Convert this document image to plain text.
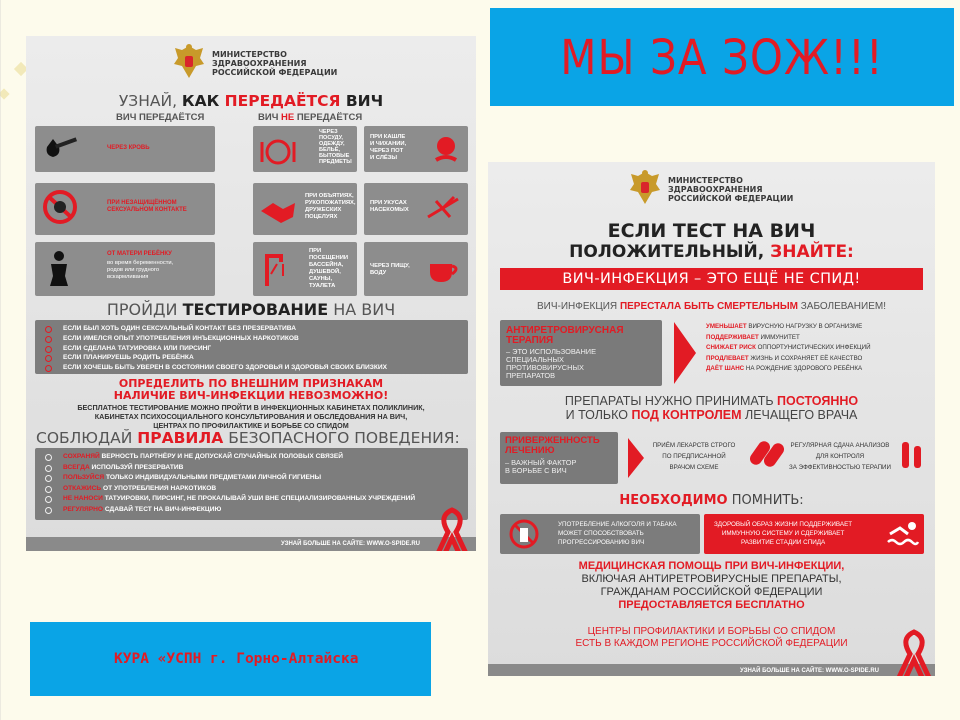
МЫ ЗА ЗОЖ!!!
МИНИСТЕРСТВО
ЗДРАВООХРАНЕНИЯ
РОССИЙСКОЙ ФЕДЕРАЦИИ
УЗНАЙ, КАК ПЕРЕДАЁТСЯ ВИЧ
ВИЧ ПЕРЕДАЁТСЯ	ВИЧ НЕ ПЕРЕДАЁТСЯ
ЧЕРЕЗ КРОВЬ
ПРИ НЕЗАЩИЩЁННОМ
СЕКСУАЛЬНОМ КОНТАКТЕ
ОТ МАТЕРИ РЕБЁНКУ
во время беременности,
родов или грудного
вскармливания
ЧЕРЕЗ
ПОСУДУ,
ОДЕЖДУ,
БЕЛЬЁ,
БЫТОВЫЕ
ПРЕДМЕТЫ
ПРИ КАШЛЕ
И ЧИХАНИИ,
ЧЕРЕЗ ПОТ
И СЛЁЗЫ
ПРИ ОБЪЯТИЯХ,
РУКОПОЖАТИЯХ,
ДРУЖЕСКИХ
ПОЦЕЛУЯХ
ПРИ УКУСАХ
НАСЕКОМЫХ
ПРИ ПОСЕЩЕНИИ
БАССЕЙНА,
ДУШЕВОЙ,
САУНЫ,
ТУАЛЕТА
ЧЕРЕЗ ПИЩУ,
ВОДУ
ПРОЙДИ ТЕСТИРОВАНИЕ НА ВИЧ
ЕСЛИ БЫЛ ХОТЬ ОДИН СЕКСУАЛЬНЫЙ КОНТАКТ БЕЗ ПРЕЗЕРВАТИВА
ЕСЛИ ИМЕЛСЯ ОПЫТ УПОТРЕБЛЕНИЯ ИНЪЕКЦИОННЫХ НАРКОТИКОВ
ЕСЛИ СДЕЛАНА ТАТУИРОВКА ИЛИ ПИРСИНГ
ЕСЛИ ПЛАНИРУЕШЬ РОДИТЬ РЕБЁНКА
ЕСЛИ ХОЧЕШЬ БЫТЬ УВЕРЕН В СОСТОЯНИИ СВОЕГО ЗДОРОВЬЯ И ЗДОРОВЬЯ СВОИХ БЛИЗКИХ
ОПРЕДЕЛИТЬ ПО ВНЕШНИМ ПРИЗНАКАМ
НАЛИЧИЕ ВИЧ-ИНФЕКЦИИ НЕВОЗМОЖНО!
БЕСПЛАТНОЕ ТЕСТИРОВАНИЕ МОЖНО ПРОЙТИ В ИНФЕКЦИОННЫХ КАБИНЕТАХ ПОЛИКЛИНИК,
КАБИНЕТАХ ПСИХОСОЦИАЛЬНОГО КОНСУЛЬТИРОВАНИЯ И ОБСЛЕДОВАНИЯ НА ВИЧ,
ЦЕНТРАХ ПО ПРОФИЛАКТИКЕ И БОРЬБЕ СО СПИДОМ
СОБЛЮДАЙ ПРАВИЛА БЕЗОПАСНОГО ПОВЕДЕНИЯ:
СОХРАНЯЙ ВЕРНОСТЬ ПАРТНЁРУ И НЕ ДОПУСКАЙ СЛУЧАЙНЫХ ПОЛОВЫХ СВЯЗЕЙ
ВСЕГДА ИСПОЛЬЗУЙ ПРЕЗЕРВАТИВ
ПОЛЬЗУЙСЯ ТОЛЬКО ИНДИВИДУАЛЬНЫМИ ПРЕДМЕТАМИ ЛИЧНОЙ ГИГИЕНЫ
ОТКАЖИСЬ ОТ УПОТРЕБЛЕНИЯ НАРКОТИКОВ
НЕ НАНОСИ ТАТУИРОВКИ, ПИРСИНГ, НЕ ПРОКАЛЫВАЙ УШИ ВНЕ СПЕЦИАЛИЗИРОВАННЫХ УЧРЕЖДЕНИЙ
РЕГУЛЯРНО СДАВАЙ ТЕСТ НА ВИЧ-ИНФЕКЦИЮ
УЗНАЙ БОЛЬШЕ НА САЙТЕ: WWW.O-SPIDE.RU
МИНИСТЕРСТВО
ЗДРАВООХРАНЕНИЯ
РОССИЙСКОЙ ФЕДЕРАЦИИ
ЕСЛИ ТЕСТ НА ВИЧ
ПОЛОЖИТЕЛЬНЫЙ, ЗНАЙТЕ:
ВИЧ-ИНФЕКЦИЯ – ЭТО ЕЩЁ НЕ СПИД!
ВИЧ-ИНФЕКЦИЯ ПЕРЕСТАЛА БЫТЬ СМЕРТЕЛЬНЫМ ЗАБОЛЕВАНИЕМ!
АНТИРЕТРОВИРУСНАЯ
ТЕРАПИЯ
– ЭТО ИСПОЛЬЗОВАНИЕ
СПЕЦИАЛЬНЫХ
ПРОТИВОВИРУСНЫХ
ПРЕПАРАТОВ
УМЕНЬШАЕТ ВИРУСНУЮ НАГРУЗКУ В ОРГАНИЗМЕ
ПОДДЕРЖИВАЕТ ИММУНИТЕТ
СНИЖАЕТ РИСК ОППОРТУНИСТИЧЕСКИХ ИНФЕКЦИЙ
ПРОДЛЕВАЕТ ЖИЗНЬ И СОХРАНЯЕТ ЕЁ КАЧЕСТВО
ДАЁТ ШАНС НА РОЖДЕНИЕ ЗДОРОВОГО РЕБЁНКА
ПРЕПАРАТЫ НУЖНО ПРИНИМАТЬ ПОСТОЯННО
И ТОЛЬКО ПОД КОНТРОЛЕМ ЛЕЧАЩЕГО ВРАЧА
ПРИВЕРЖЕННОСТЬ
ЛЕЧЕНИЮ
– ВАЖНЫЙ ФАКТОР
В БОРЬБЕ С ВИЧ
ПРИЁМ ЛЕКАРСТВ СТРОГО
ПО ПРЕДПИСАННОЙ
ВРАЧОМ СХЕМЕ
РЕГУЛЯРНАЯ СДАЧА АНАЛИЗОВ
ДЛЯ КОНТРОЛЯ
ЗА ЭФФЕКТИВНОСТЬЮ ТЕРАПИИ
НЕОБХОДИМО ПОМНИТЬ:
УПОТРЕБЛЕНИЕ АЛКОГОЛЯ И ТАБАКА
МОЖЕТ СПОСОБСТВОВАТЬ
ПРОГРЕССИРОВАНИЮ ВИЧ
ЗДОРОВЫЙ ОБРАЗ ЖИЗНИ ПОДДЕРЖИВАЕТ
ИММУННУЮ СИСТЕМУ И СДЕРЖИВАЕТ
РАЗВИТИЕ СТАДИИ СПИДА
МЕДИЦИНСКАЯ ПОМОЩЬ ПРИ ВИЧ-ИНФЕКЦИИ,
ВКЛЮЧАЯ АНТИРЕТРОВИРУСНЫЕ ПРЕПАРАТЫ,
ГРАЖДАНАМ РОССИЙСКОЙ ФЕДЕРАЦИИ
ПРЕДОСТАВЛЯЕТСЯ БЕСПЛАТНО
ЦЕНТРЫ ПРОФИЛАКТИКИ И БОРЬБЫ СО СПИДОМ
ЕСТЬ В КАЖДОМ РЕГИОНЕ РОССИЙСКОЙ ФЕДЕРАЦИИ
УЗНАЙ БОЛЬШЕ НА САЙТЕ: WWW.O-SPIDE.RU
КУРА «УСПН г. Горно-Алтайска
